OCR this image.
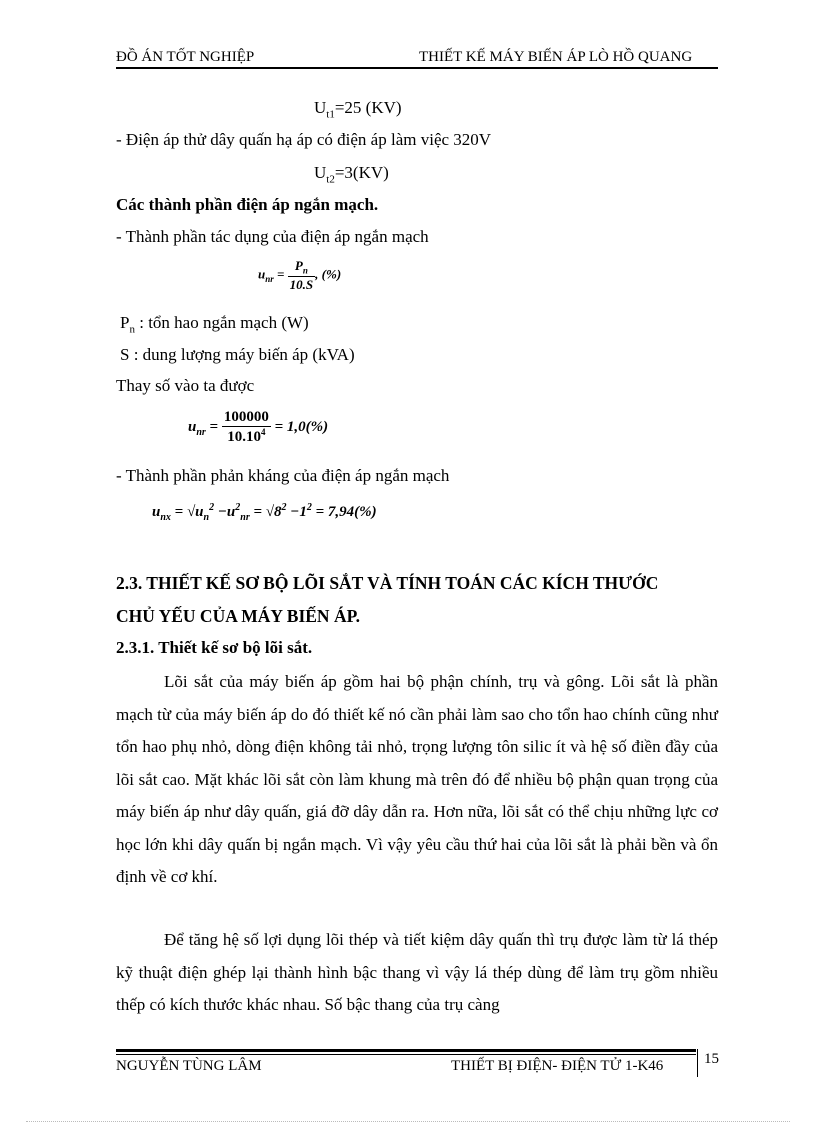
ĐỒ ÁN TỐT NGHIỆP	THIẾT KẾ MÁY BIẾN ÁP LÒ HỒ QUANG
$U_{t1}=25$ (KV)
- Điện áp thử dây quấn hạ áp có điện áp làm việc 320V
$U_{t2}=3(KV)$
Các thành phần điện áp ngắn mạch.
- Thành phần tác dụng của điện áp ngắn mạch
$u_{nr} = \frac{P_n}{10.S}$ , (%)
$P_n$ : tổn hao ngắn mạch (W)
S : dung lượng máy biến áp (kVA)
Thay số vào ta được
$u_{nr} = \frac{100000}{10.10^4} = 1,0(\%)$
- Thành phần phản kháng của điện áp ngắn mạch
$u_{nx} = √u_n^2 -u^2_{nr} = √8^2 -1^2 = 7,94(\%)$
2.3. THIẾT KẾ SƠ BỘ LÕI SẮT VÀ TÍNH TOÁN CÁC KÍCH THƯỚC
CHỦ YẾU CỦA MÁY BIẾN ÁP.
2.3.1. Thiết kế sơ bộ lõi sắt.
Lõi sắt của máy biến áp gồm hai bộ phận chính, trụ và gông. Lõi sắt là phần mạch từ của máy biến áp do đó thiết kế nó cần phải làm sao cho tổn hao chính cũng như tổn hao phụ nhỏ, dòng điện không tải nhỏ, trọng lượng tôn silic ít và hệ số điền đầy của lõi sắt cao. Mặt khác lõi sắt còn làm khung mà trên đó để nhiều bộ phận quan trọng của máy biến áp như dây quấn, giá đỡ dây dẫn ra. Hơn nữa, lõi sắt có thể chịu những lực cơ học lớn khi dây quấn bị ngắn mạch. Vì vậy yêu cầu thứ hai của lõi sắt là phải bền và ổn định về cơ khí.
Để tăng hệ số lợi dụng lõi thép và tiết kiệm dây quấn thì trụ được làm từ lá thép kỹ thuật điện ghép lại thành hình bậc thang vì vậy lá thép dùng để làm trụ gồm nhiều thếp có kích thước khác nhau. Số bậc thang của trụ càng
NGUYỄN TÙNG LÂM	THIẾT BỊ ĐIỆN- ĐIỆN TỬ 1-K46	15
